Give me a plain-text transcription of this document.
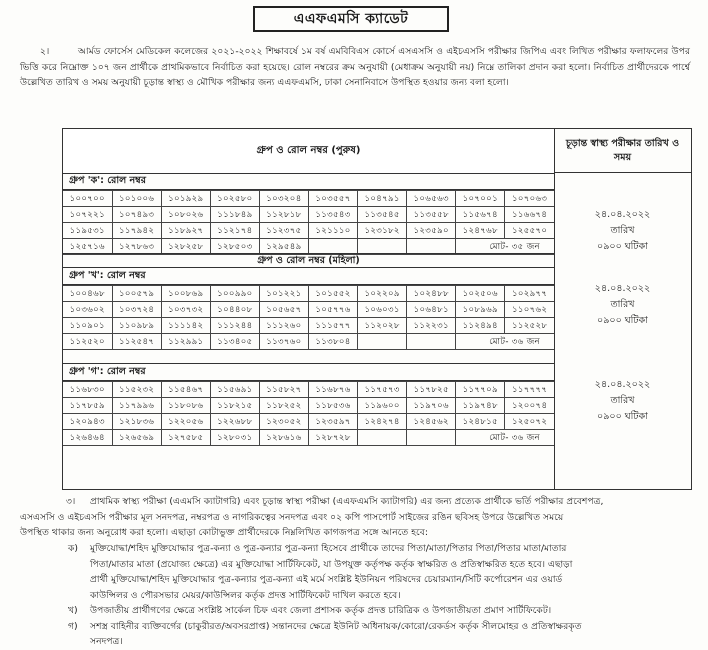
এএফএমসি ক্যাডেট
২।	আর্মড ফোর্সেস মেডিকেল কলেজের ২০২১-২০২২ শিক্ষাবর্ষে ১ম বর্ষ এমবিবিএস কোর্সে এসএসসি ও এইচএসসি পরীক্ষার জিপিএ এবং লিখিত পরীক্ষার ফলাফলের উপর ভিত্তি করে নিম্নোক্ত ১০৭ জন প্রার্থীকে প্রাথমিকভাবে নির্বাচিত করা হয়েছে। রোল নম্বরের ক্রম অনুযায়ী (মেধাক্রম অনুযায়ী নয়) নিম্নে তালিকা প্রদান করা হলো। নির্বাচিত প্রার্থীদেরকে পার্শ্বে উল্লেখিত তারিখ ও সময় অনুযায়ী চূড়ান্ত স্বাস্থ্য ও মৌখিক পরীক্ষার জন্য এএফএমসি, ঢাকা সেনানিবাসে উপস্থিত হওয়ার জন্য বলা হলো।
গ্রুপ ও রোল নম্বর (পুরুষ)
চূড়ান্ত স্বাস্থ্য পরীক্ষার তারিখ ও সময়
গ্রুপ 'ক': রোল নম্বর
১০০৭০০	১০১০০৬	১০১৯২৯	১০২৫৮০	১০৩২০৪	১০৩৫৫৭	১০৪৭৯১	১০৬৫৬৩	১০৭০০১	১০৭০৬৩
১০৭২২১	১০৭৪৯৩	১০৮০২৬	১১১৮৪৯	১১২৮১৮	১১৩৫৪৩	১১৩৫৪৫	১১৩৫৫৮	১১৫৬৭৪	১১৬৬৭৪
১১৯৫৩১	১১৭৯৪২	১১৮৯২৭	১১২১৭৪	১১২৩৭৫	১২১১১০	১২৩১৮২	১২৩৫৯০	১২৪৭৬৮	১২৫৫৭০
১২৫৭১৬	১২৭৮৬৩	১২৮২৫৮	১২৮৫০৩	১২৯৫৪৯				মোট- ৩৫ জন	
২৪.০৪.২০২২
তারিখ
০৯০০ ঘটিকা
গ্রুপ ও রোল নম্বর (মহিলা)
গ্রুপ 'খ': রোল নম্বর
১০০৪৬৮	১০০৫৭৯	১০০৮৬৯	১০০৯৯০	১০১২২১	১০১৫৫২	১০২২০৯	১০২৪৮৮	১০২৫০৬	১০২৯৭৭
১০৩৬০২	১০৩৭২৪	১০৩৭৩২	১০৪৪০৮	১০৫৬৫৭	১০৫৭৭৬	১০৬০৩১	১০৬৪৮১	১০৮৯৬৯	১১০৭৬২
১১০৯০১	১১০৯৮৯	১১১১৪২	১১১২৪৪	১১১২৬০	১১১৫৭৭	১১২০২৮	১১২২৩১	১১২৪৯৪	১১২৫২৮
১১২৫২০	১১২৫৪৭	১১২৯৯১	১১৩৪০৫	১১৩৭৬০	১১৩৮০৪			মোট- ৩৬ জন	
২৪.০৪.২০২২
তারিখ
০৯০০ ঘটিকা
গ্রুপ 'গ': রোল নম্বর
১১৬৮৩০	১১৫২৩২	১১৫৪৬৭	১১৫৬৯১	১১৫৮২৭	১১৬৮৭৬	১১৭৫৭৩	১১৭৮২৫	১১৭৭০৯	১১৭৭৭৭
১১৭৮৫৯	১১৭৯৯৬	১১৮০৮৬	১১৮২১৫	১১৮২৫২	১১৮৫৩৬	১১৯৬০০	১১৯৭০৬	১১৯৭৪৮	১২০০৭৪
১২০৯৪৩	১২১৮৩৬	১২২০৫৬	১২২৬৮৮	১২৩০৫২	১২৩৫৯৭	১২৪২৭৪	১২৪৫৬২	১২৪৮১৫	১২৫০৭২
১২৬৪৬৪	১২৬৫৬৯	১২৭৫৮৫	১২৮০৩১	১২৮৬১৬	১২৮৭২৮			মোট- ৩৬ জন	
২৪.০৪.২০২২
তারিখ
০৯০০ ঘটিকা
৩। প্রাথমিক স্বাস্থ্য পরীক্ষা (এএমসি ক্যাটাগরি) এবং চূড়ান্ত স্বাস্থ্য পরীক্ষা (এএফএমসি ক্যাটাগরি) এর জন্য প্রত্যেক প্রার্থীকে ভর্তি পরীক্ষার প্রবেশপত্র,
এসএসসি ও এইচএসসি পরীক্ষার মূল সনদপত্র, নম্বরপত্র ও নাগরিকত্বের সনদপত্র এবং ০২ কপি পাসপোর্ট সাইজের রঙিন ছবিসহ উপরে উল্লেখিত সময়ে
উপস্থিত থাকার জন্য অনুরোধ করা হলো। এছাড়া কোটাভুক্ত প্রার্থীদেরকে নিম্নলিখিত কাগজপত্র সঙ্গে আনতে হবে:
ক) মুক্তিযোদ্ধা/শহিদ মুক্তিযোদ্ধার পুত্র-কন্যা ও পুত্র-কন্যার পুত্র-কন্যা হিসেবে প্রার্থীকে তাদের পিতা/মাতা/পিতার পিতা/পিতার মাতা/মাতার
পিতা/মাতার মাতা (প্রযোজ্য ক্ষেত্রে) এর মুক্তিযোদ্ধা সার্টিফিকেট, যা উপযুক্ত কর্তৃপক্ষ কর্তৃক স্বাক্ষরিত ও প্রতিস্বাক্ষরিত হতে হবে। এছাড়া
প্রার্থী মুক্তিযোদ্ধা/শহিদ মুক্তিযোদ্ধার পুত্র-কন্যার পুত্র-কন্যা এই মর্মে সংশ্লিষ্ট ইউনিয়ন পরিষদের চেয়ারম্যান/সিটি কর্পোরেশন এর ওয়ার্ড
কাউন্সিলর ও পৌরসভার মেয়র/কাউন্সিলর কর্তৃক প্রদত্ত সার্টিফিকেট দাখিল করতে হবে।
খ) উপজাতীয় প্রার্থীগণের ক্ষেত্রে সংশ্লিষ্ট সার্কেল চিফ এবং জেলা প্রশাসক কর্তৃক প্রদত্ত চারিত্রিক ও উপজাতীয়তা প্রমাণ সার্টিফিকেট।
গ) সশস্ত্র বাহিনীর ব্যক্তিবর্গের (চাকুরীরত/অবসরপ্রাপ্ত) সন্তানদের ক্ষেত্রে ইউনিট অধিনায়ক/কোরো/রেকর্ডস কর্তৃক সীলমোহর ও প্রতিস্বাক্ষরকৃত
সনদপত্র।
